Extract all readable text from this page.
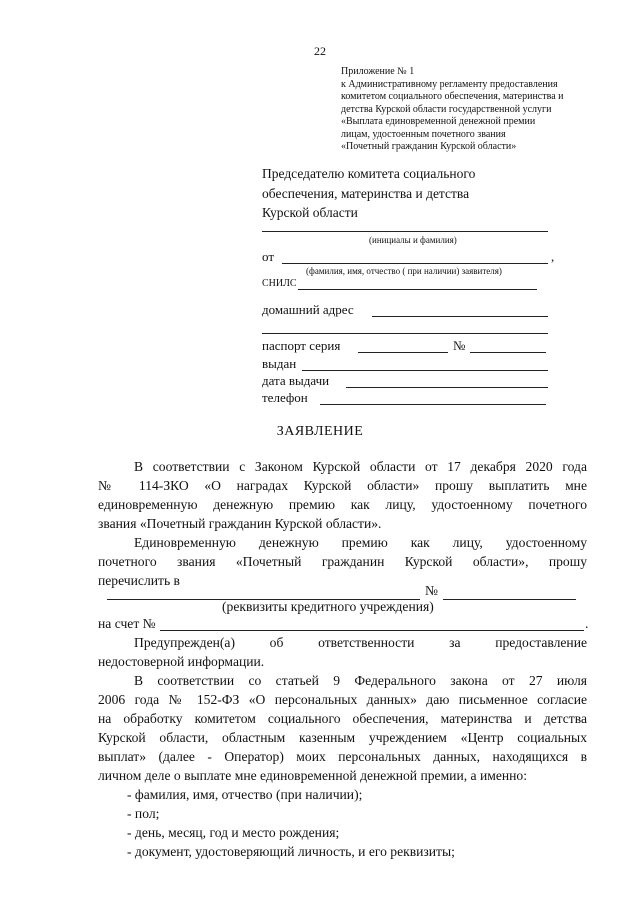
22
Приложение № 1
к Административному регламенту предоставления
комитетом социального обеспечения, материнства и
детства Курской области государственной услуги
«Выплата единовременной денежной премии
лицам, удостоенным почетного звания
«Почетный гражданин Курской области»
Председателю комитета социального
обеспечения, материнства и детства
Курской области
(инициалы и фамилия)
от	,
(фамилия, имя, отчество ( при наличии) заявителя)
СНИЛС
домашний адрес
паспорт серия	№
выдан
дата выдачи
телефон
ЗАЯВЛЕНИЕ
В соответствии с Законом Курской области от 17 декабря 2020 года
№ 114-ЗКО «О наградах Курской области» прошу выплатить мне
единовременную денежную премию как лицу, удостоенному почетного
звания «Почетный гражданин Курской области».
Единовременную денежную премию как лицу, удостоенному
почетного звания «Почетный гражданин Курской области», прошу
перечислить в
№
(реквизиты кредитного учреждения)
на счет №	.
Предупрежден(а) об ответственности за предоставление
недостоверной информации.
В соответствии со статьей 9 Федерального закона от 27 июля
2006 года № 152-ФЗ «О персональных данных» даю письменное согласие
на обработку комитетом социального обеспечения, материнства и детства
Курской области, областным казенным учреждением «Центр социальных
выплат» (далее - Оператор) моих персональных данных, находящихся в
личном деле о выплате мне единовременной денежной премии, а именно:
- фамилия, имя, отчество (при наличии);
- пол;
- день, месяц, год и место рождения;
- документ, удостоверяющий личность, и его реквизиты;
